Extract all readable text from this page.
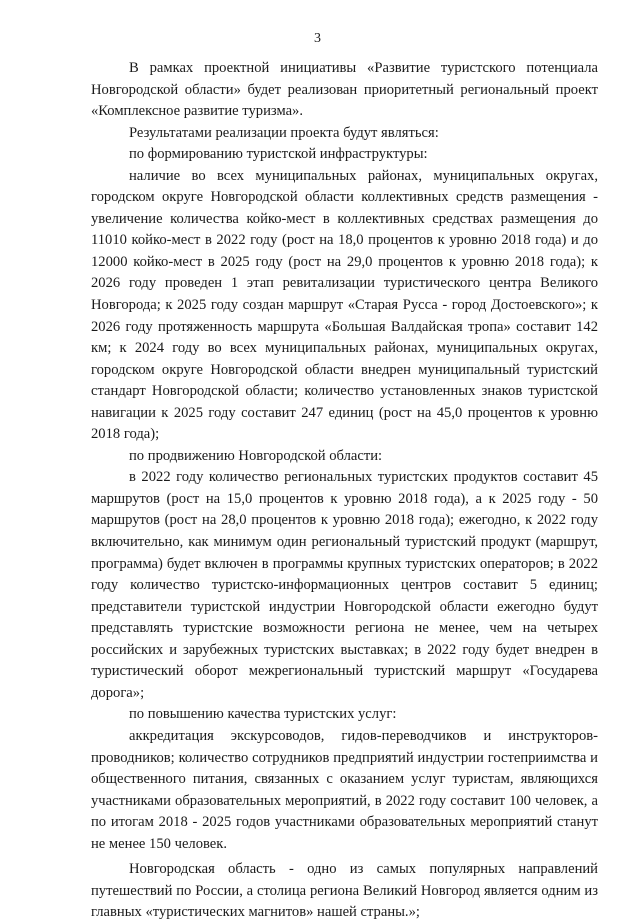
3

В рамках проектной инициативы «Развитие туристского потенциала Новгородской области» будет реализован приоритетный региональный проект «Комплексное развитие туризма».

Результатами реализации проекта будут являться:

по формированию туристской инфраструктуры:

наличие во всех муниципальных районах, муниципальных округах, городском округе Новгородской области коллективных средств размещения - увеличение количества койко-мест в коллективных средствах размещения до 11010 койко-мест в 2022 году (рост на 18,0 процентов к уровню 2018 года) и до 12000 койко-мест в 2025 году (рост на 29,0 процентов к уровню 2018 года); к 2026 году проведен 1 этап ревитализации туристического центра Великого Новгорода; к 2025 году создан маршрут «Старая Русса - город Достоевского»; к 2026 году протяженность маршрута «Большая Валдайская тропа» составит 142 км; к 2024 году во всех муниципальных районах, муниципальных округах, городском округе Новгородской области внедрен муниципальный туристский стандарт Новгородской области; количество установленных знаков туристской навигации к 2025 году составит 247 единиц (рост на 45,0 процентов к уровню 2018 года);

по продвижению Новгородской области:

в 2022 году количество региональных туристских продуктов составит 45 маршрутов (рост на 15,0 процентов к уровню 2018 года), а к 2025 году - 50 маршрутов (рост на 28,0 процентов к уровню 2018 года); ежегодно, к 2022 году включительно, как минимум один региональный туристский продукт (маршрут, программа) будет включен в программы крупных туристских операторов; в 2022 году количество туристско-информационных центров составит 5 единиц; представители туристской индустрии Новгородской области ежегодно будут представлять туристские возможности региона не менее, чем на четырех российских и зарубежных туристских выставках; в 2022 году будет внедрен в туристический оборот межрегиональный туристский маршрут «Государева дорога»;

по повышению качества туристских услуг:

аккредитация экскурсоводов, гидов-переводчиков и инструкторов-проводников; количество сотрудников предприятий индустрии гостеприимства и общественного питания, связанных с оказанием услуг туристам, являющихся участниками образовательных мероприятий, в 2022 году составит 100 человек, а по итогам 2018 - 2025 годов участниками образовательных мероприятий станут не менее 150 человек.

Новгородская область - одно из самых популярных направлений путешествий по России, а столица региона Великий Новгород является одним из главных «туристических магнитов» нашей страны.»;
